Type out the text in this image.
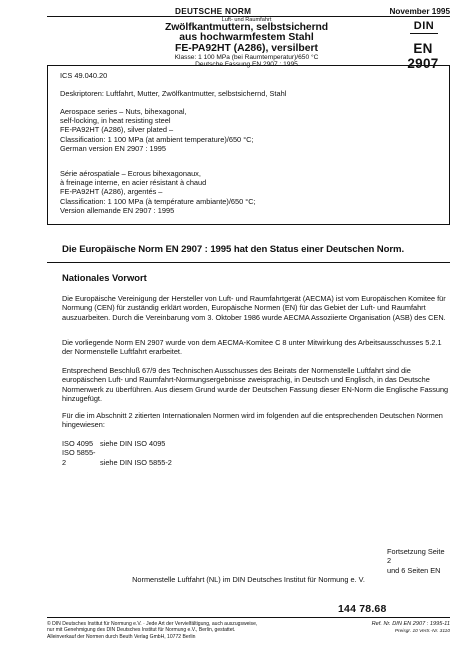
DEUTSCHE NORM	November 1995
Luft- und Raumfahrt
Zwölfkantmuttern, selbstsichernd
aus hochwarmfestem Stahl
FE-PA92HT (A286), versilbert
Klasse: 1 100 MPa (bei Raumtemperatur)/650 °C
Deutsche Fassung EN 2907 : 1995
DIN
EN 2907
ICS 49.040.20
Deskriptoren: Luftfahrt, Mutter, Zwölfkantmutter, selbstsichernd, Stahl
Aerospace series – Nuts, bihexagonal,
self-locking, in heat resisting steel
FE-PA92HT (A286), silver plated –
Classification: 1 100 MPa (at ambient temperature)/650 °C;
German version EN 2907 : 1995
Série aérospatiale – Ecrous bihexagonaux,
à freinage interne, en acier résistant à chaud
FE-PA92HT (A286), argentés –
Classification: 1 100 MPa (à température ambiante)/650 °C;
Version allemande EN 2907 : 1995
Die Europäische Norm EN 2907 : 1995 hat den Status einer Deutschen Norm.
Nationales Vorwort
Die Europäische Vereinigung der Hersteller von Luft- und Raumfahrtgerät (AECMA) ist vom Europäischen Komitee für Normung (CEN) für zuständig erklärt worden, Europäische Normen (EN) für das Gebiet der Luft- und Raumfahrt auszuarbeiten. Durch die Vereinbarung vom 3. Oktober 1986 wurde AECMA Assoziierte Organisation (ASB) des CEN.
Die vorliegende Norm EN 2907 wurde von dem AECMA-Komitee C 8 unter Mitwirkung des Arbeitsausschusses 5.2.1 der Normenstelle Luftfahrt erarbeitet.
Entsprechend Beschluß 67/9 des Technischen Ausschusses des Beirats der Normenstelle Luftfahrt sind die europäischen Luft- und Raumfahrt-Normungsergebnisse zweisprachig, in Deutsch und Englisch, in das Deutsche Normenwerk zu überführen. Aus diesem Grund wurde der Deutschen Fassung dieser EN-Norm die Englische Fassung hinzugefügt.
Für die im Abschnitt 2 zitierten Internationalen Normen wird im folgenden auf die entsprechenden Deutschen Normen hingewiesen:
ISO 4095 siehe DIN ISO 4095
ISO 5855-2	siehe DIN ISO 5855-2
Fortsetzung Seite 2
und 6 Seiten EN
Normenstelle Luftfahrt (NL) im DIN Deutsches Institut für Normung e. V.
144 78.68
© DIN Deutsches Institut für Normung e.V. · Jede Art der Vervielfältigung, auch auszugsweise,
nur mit Genehmigung des DIN Deutsches Institut für Normung e.V., Berlin, gestattet.
Alleinverkauf der Normen durch Beuth Verlag GmbH, 10772 Berlin
Ref. Nr. DIN EN 2907 : 1995-11
Preisgr. 10 Vertr.-Nr. 3110
